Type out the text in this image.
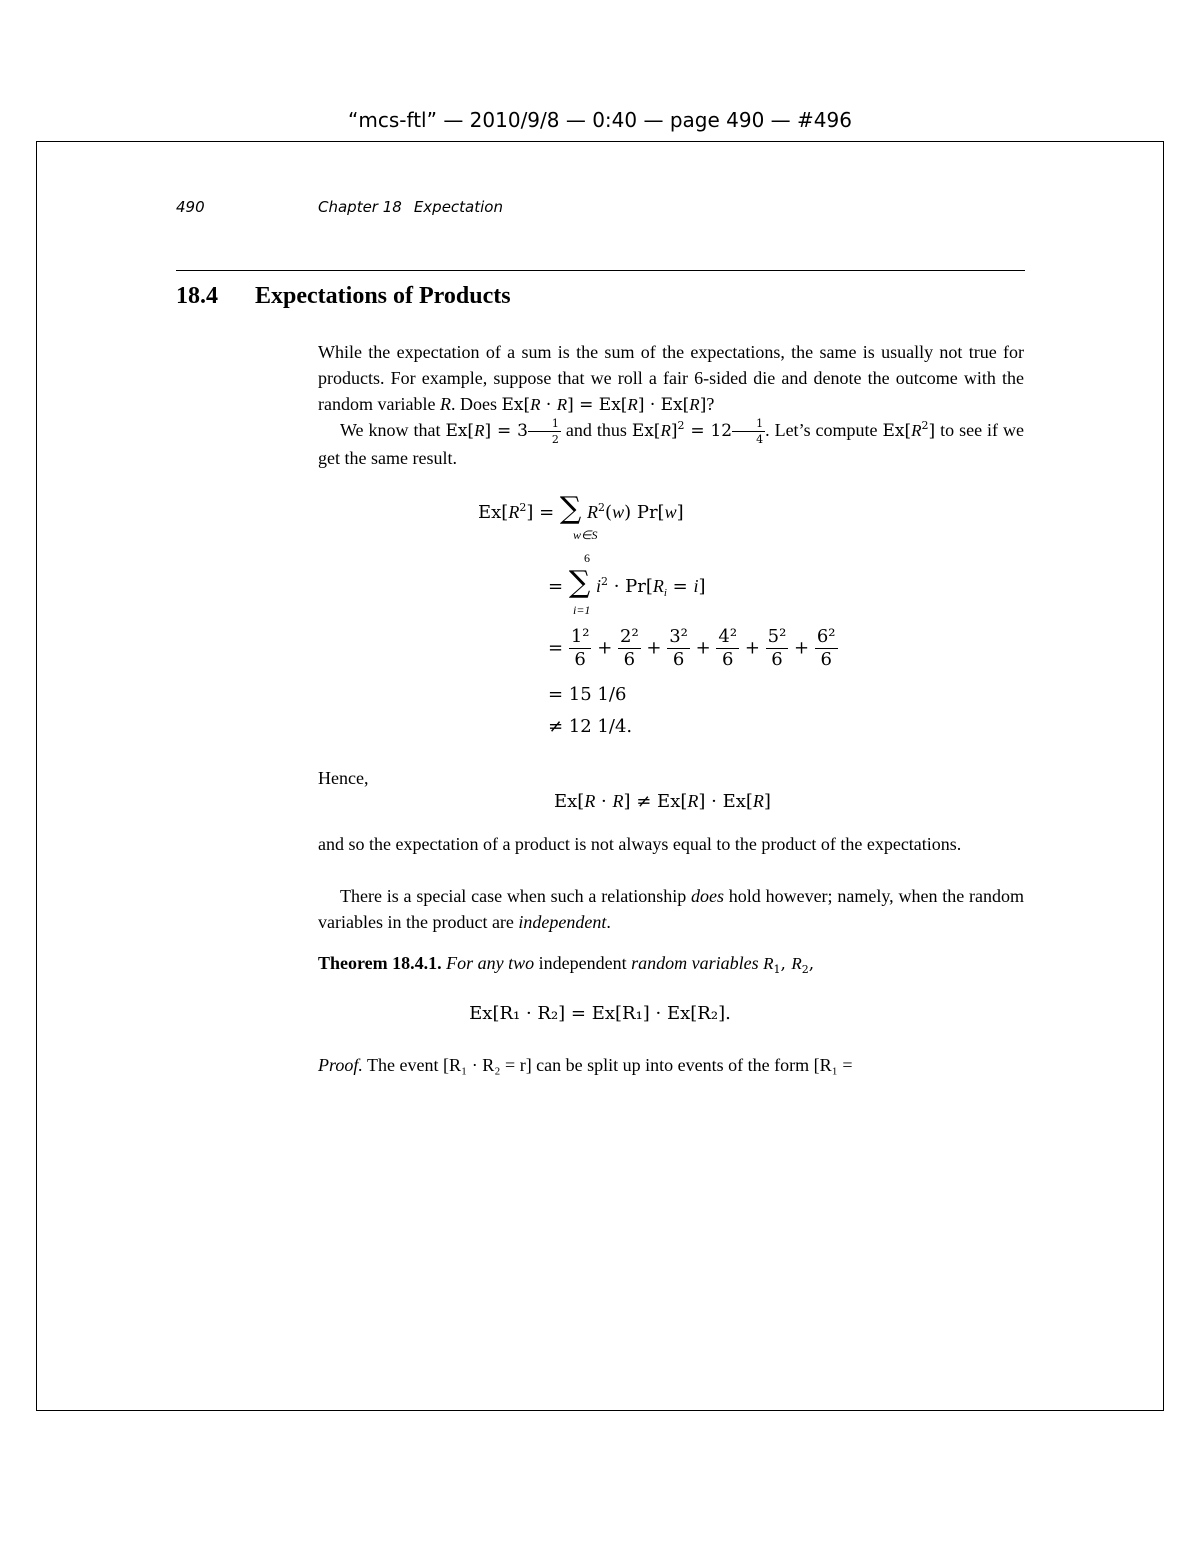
“mcs-ftl” — 2010/9/8 — 0:40 — page 490 — #496
490	Chapter 18 Expectation
18.4 Expectations of Products
While the expectation of a sum is the sum of the expectations, the same is usually not true for products. For example, suppose that we roll a fair 6-sided die and denote the outcome with the random variable R. Does Ex[R · R] = Ex[R] · Ex[R]?
We know that $Ex[R] = 3 \frac{1}{2}$ and thus $Ex[R]^2 = 12 \frac{1}{4}$ . Let’s compute $Ex[R^2]$ to see if we get the same result.
$Ex[R^2]$ = ∑ $R^2(w)$ Pr[w]
w∈S
6
= ∑ $i^2 \cdot Pr[R_i = i]$
i=1
= $\frac{\text{1²}}{6} + \frac{\text{2²}}{6} + \frac{\text{3²}}{6} + \frac{\text{4²}}{6} + \frac{\text{5²}}{6} + \frac{\text{6²}}{6}$
= 15 1/6
≠ 12 1/4.
Hence,
Ex[R · R] ≠ Ex[R] · Ex[R]
and so the expectation of a product is not always equal to the product of the expectations.
There is a special case when such a relationship does hold however; namely, when the random variables in the product are independent.
Theorem 18.4.1. For any two independent random variables $R_1$, $R_2$,
Ex[R₁ · R₂] = Ex[R₁] · Ex[R₂].
Proof. The event [R₁ · R₂ = r] can be split up into events of the form [R₁ =
